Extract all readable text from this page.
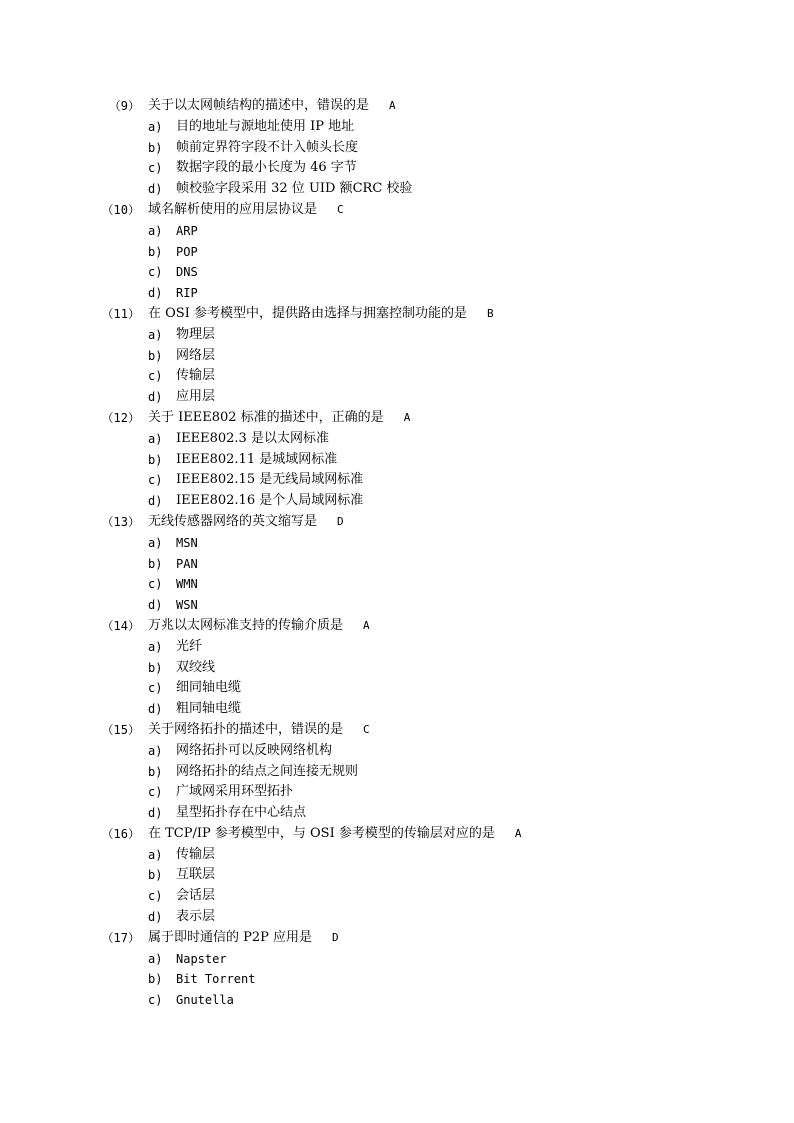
（9） 关于以太网帧结构的描述中，错误的是 A
a) 目的地址与源地址使用 IP 地址
b) 帧前定界符字段不计入帧头长度
c) 数据字段的最小长度为 46 字节
d) 帧校验字段采用 32 位 UID 额CRC 校验
（10） 域名解析使用的应用层协议是 C
a) ARP
b) POP
c) DNS
d) RIP
（11） 在 OSI 参考模型中，提供路由选择与拥塞控制功能的是 B
a) 物理层
b) 网络层
c) 传输层
d) 应用层
（12） 关于 IEEE802 标准的描述中，正确的是 A
a) IEEE802.3 是以太网标准
b) IEEE802.11 是城域网标准
c) IEEE802.15 是无线局域网标准
d) IEEE802.16 是个人局域网标准
（13） 无线传感器网络的英文缩写是 D
a) MSN
b) PAN
c) WMN
d) WSN
（14） 万兆以太网标准支持的传输介质是 A
a) 光纤
b) 双绞线
c) 细同轴电缆
d) 粗同轴电缆
（15） 关于网络拓扑的描述中，错误的是 C
a) 网络拓扑可以反映网络机构
b) 网络拓扑的结点之间连接无规则
c) 广域网采用环型拓扑
d) 星型拓扑存在中心结点
（16） 在 TCP/IP 参考模型中，与 OSI 参考模型的传输层对应的是 A
a) 传输层
b) 互联层
c) 会话层
d) 表示层
（17） 属于即时通信的 P2P 应用是 D
a) Napster
b) Bit Torrent
c) Gnutella
